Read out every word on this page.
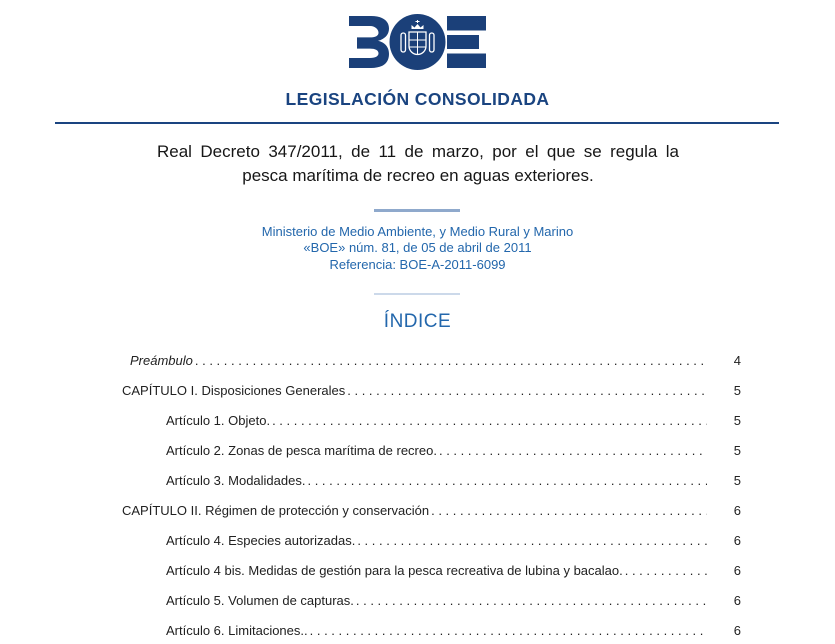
LEGISLACIÓN CONSOLIDADA
Real Decreto 347/2011, de 11 de marzo, por el que se regula la pesca marítima de recreo en aguas exteriores.
Ministerio de Medio Ambiente, y Medio Rural y Marino
«BOE» núm. 81, de 05 de abril de 2011
Referencia: BOE-A-2011-6099
ÍNDICE
Preámbulo . . .	4
CAPÍTULO I. Disposiciones Generales . . .	5
Artículo 1. Objeto. . . .	5
Artículo 2. Zonas de pesca marítima de recreo. . . .	5
Artículo 3. Modalidades. . . .	5
CAPÍTULO II. Régimen de protección y conservación . . .	6
Artículo 4. Especies autorizadas. . . .	6
Artículo 4 bis. Medidas de gestión para la pesca recreativa de lubina y bacalao. . . .	6
Artículo 5. Volumen de capturas. . . .	6
Artículo 6. Limitaciones.. . . .	6
